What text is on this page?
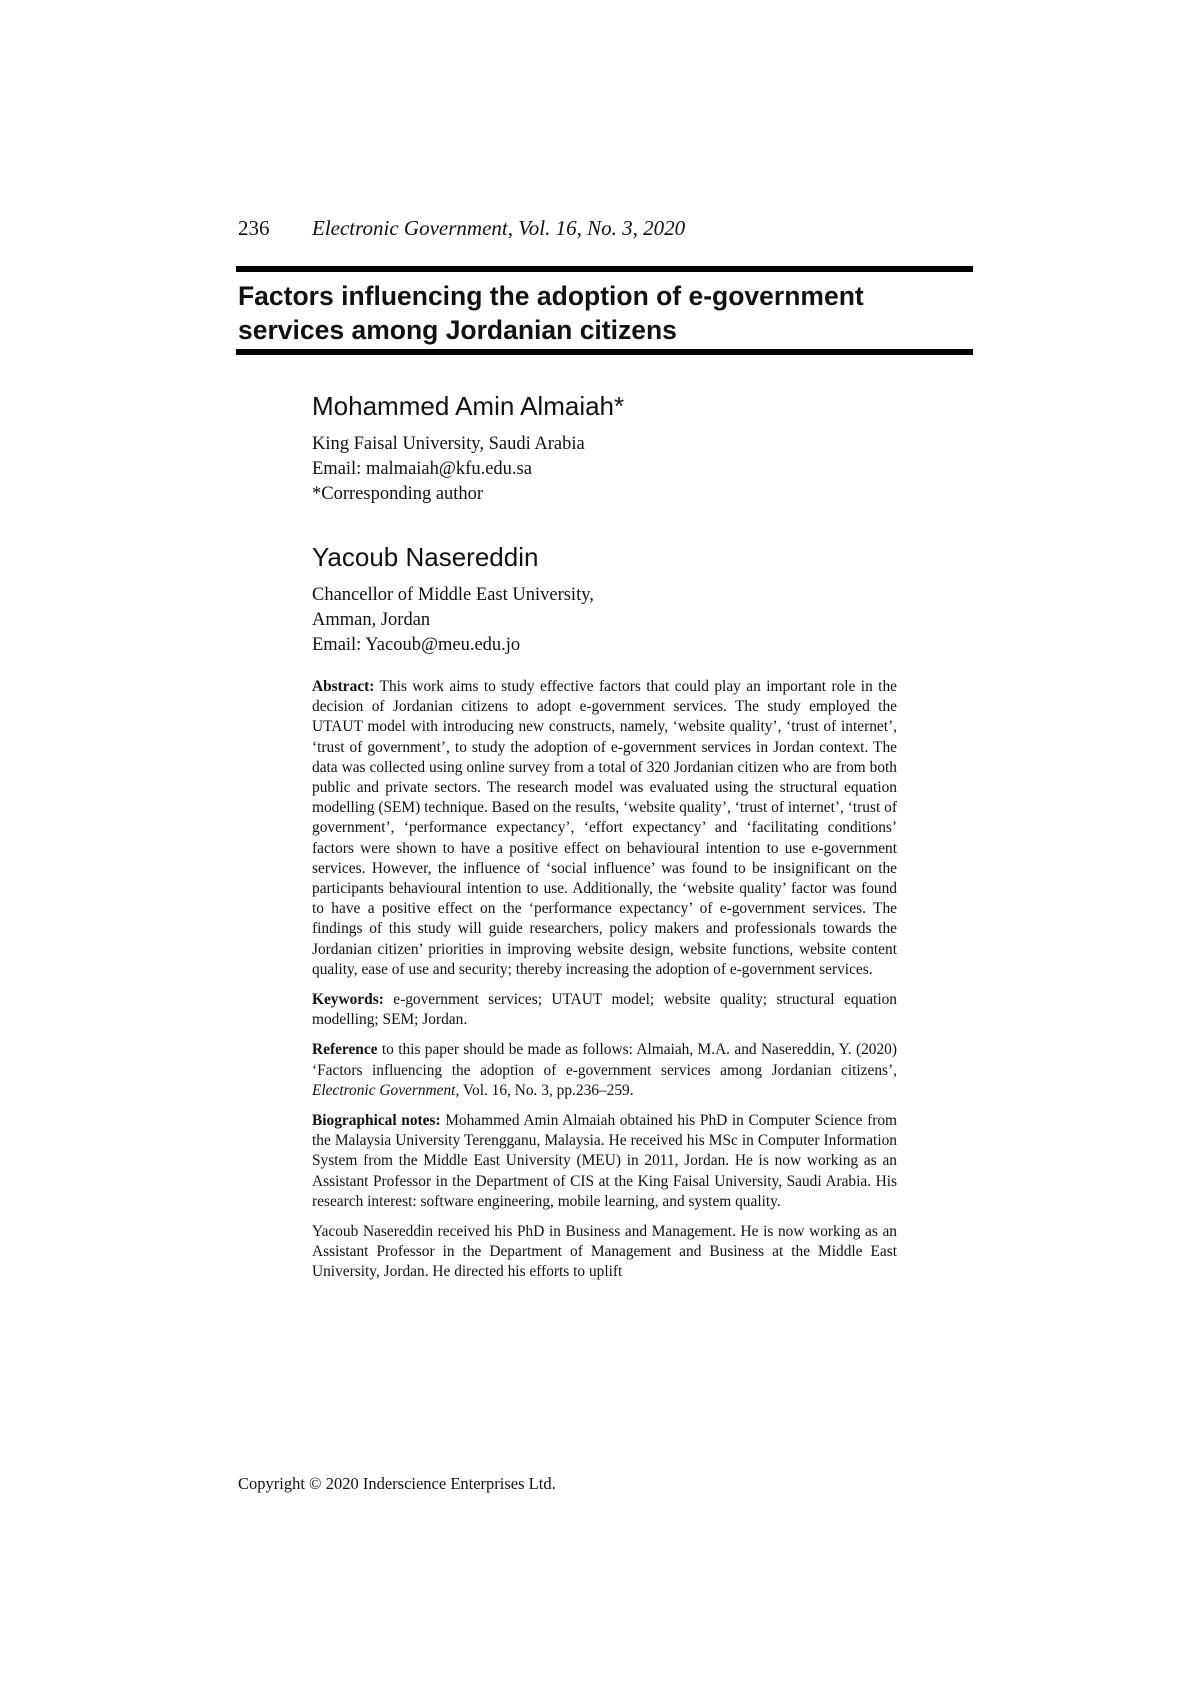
236 Electronic Government, Vol. 16, No. 3, 2020
Factors influencing the adoption of e-government
services among Jordanian citizens
Mohammed Amin Almaiah*
King Faisal University, Saudi Arabia
Email: malmaiah@kfu.edu.sa
*Corresponding author
Yacoub Nasereddin
Chancellor of Middle East University,
Amman, Jordan
Email: Yacoub@meu.edu.jo

Abstract: This work aims to study effective factors that could play an important role in the decision of Jordanian citizens to adopt e-government services. The study employed the UTAUT model with introducing new constructs, namely, ‘website quality’, ‘trust of internet’, ‘trust of government’, to study the adoption of e-government services in Jordan context. The data was collected using online survey from a total of 320 Jordanian citizen who are from both public and private sectors. The research model was evaluated using the structural equation modelling (SEM) technique. Based on the results, ‘website quality’, ‘trust of internet’, ‘trust of government’, ‘performance expectancy’, ‘effort expectancy’ and ‘facilitating conditions’ factors were shown to have a positive effect on behavioural intention to use e-government services. However, the influence of ‘social influence’ was found to be insignificant on the participants behavioural intention to use. Additionally, the ‘website quality’ factor was found to have a positive effect on the ‘performance expectancy’ of e-government services. The findings of this study will guide researchers, policy makers and professionals towards the Jordanian citizen’ priorities in improving website design, website functions, website content quality, ease of use and security; thereby increasing the adoption of e-government services.

Keywords: e-government services; UTAUT model; website quality; structural equation modelling; SEM; Jordan.

Reference to this paper should be made as follows: Almaiah, M.A. and Nasereddin, Y. (2020) ‘Factors influencing the adoption of e-government services among Jordanian citizens’, Electronic Government, Vol. 16, No. 3, pp.236–259.

Biographical notes: Mohammed Amin Almaiah obtained his PhD in Computer Science from the Malaysia University Terengganu, Malaysia. He received his MSc in Computer Information System from the Middle East University (MEU) in 2011, Jordan. He is now working as an Assistant Professor in the Department of CIS at the King Faisal University, Saudi Arabia. His research interest: software engineering, mobile learning, and system quality.

Yacoub Nasereddin received his PhD in Business and Management. He is now working as an Assistant Professor in the Department of Management and Business at the Middle East University, Jordan. He directed his efforts to uplift

Copyright © 2020 Inderscience Enterprises Ltd.
